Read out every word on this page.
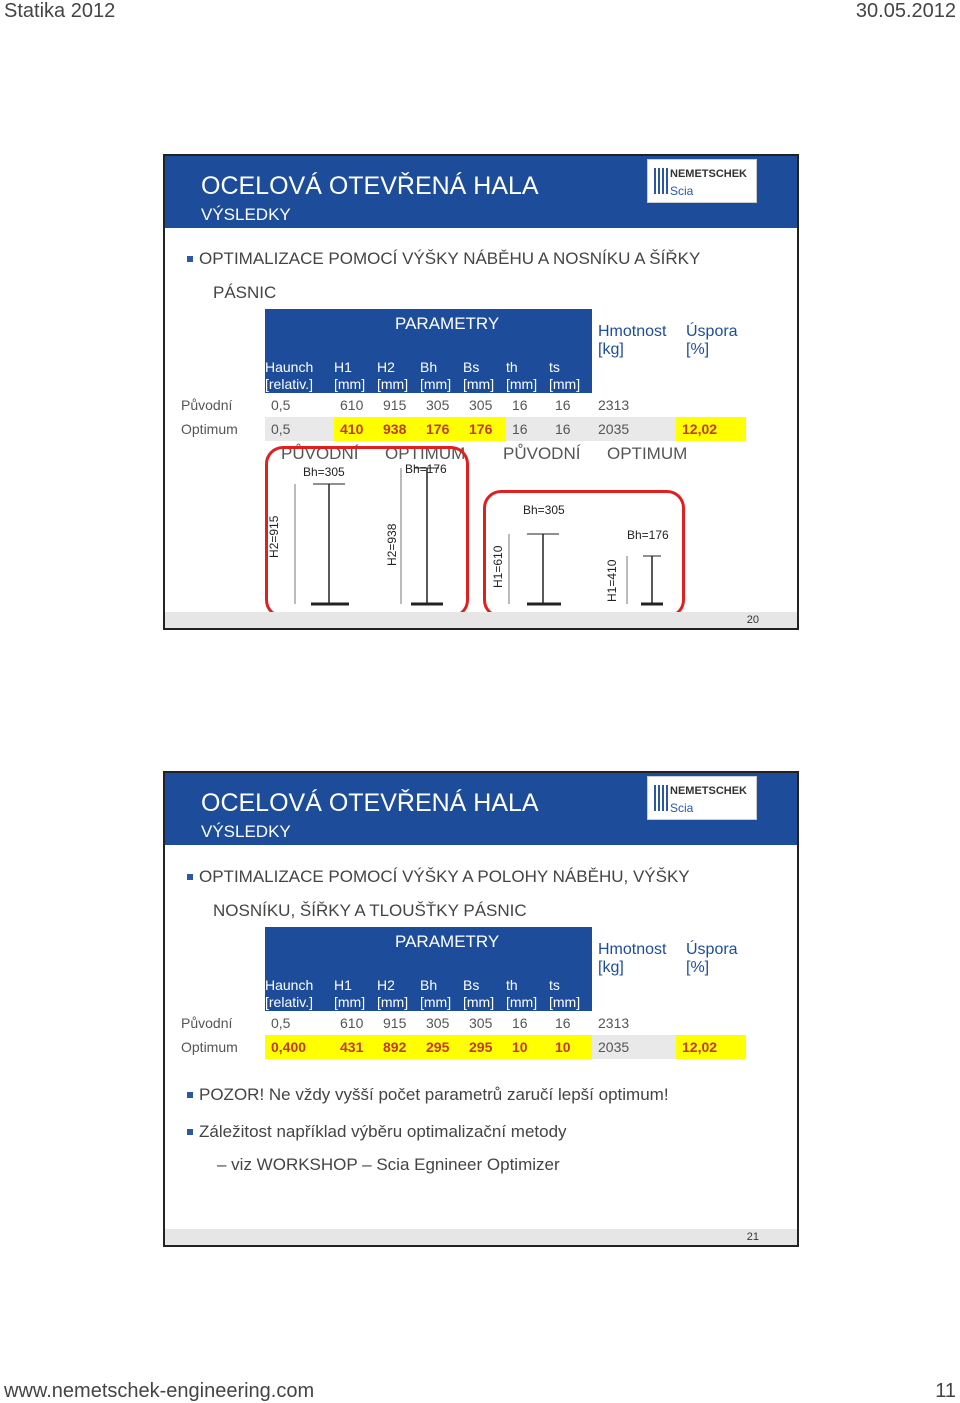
Statika 2012	30.05.2012
OCELOVÁ OTEVŘENÁ HALA
VÝSLEDKY
NEMETSCHEK
Scia
OPTIMALIZACE POMOCÍ VÝŠKY NÁBĚHU A NOSNÍKU A ŠÍŘKY
PÁSNIC
	Haunch [relativ.]	H1 [mm]	H2 [mm]	Bh [mm]	Bs [mm]	th [mm]	ts [mm]	Hmotnost [kg]	Úspora [%]
Původní	0,5	610	915	305	305	16	16	2313	
Optimum	0,5	410	938	176	176	16	16	2035	12,02
PARAMETRY
PŮVODNÍ OPTIMUM PŮVODNÍ OPTIMUM
Bh=305
H2=915
Bh=176
H2=938
Bh=305
H1=610
Bh=176
H1=410
20
OCELOVÁ OTEVŘENÁ HALA
VÝSLEDKY
NEMETSCHEK
Scia
OPTIMALIZACE POMOCÍ VÝŠKY A POLOHY NÁBĚHU, VÝŠKY
NOSNÍKU, ŠÍŘKY A TLOUŠŤKY PÁSNIC
	Haunch [relativ.]	H1 [mm]	H2 [mm]	Bh [mm]	Bs [mm]	th [mm]	ts [mm]	Hmotnost [kg]	Úspora [%]
Původní	0,5	610	915	305	305	16	16	2313	
Optimum	0,400	431	892	295	295	10	10	2035	12,02
PARAMETRY
POZOR! Ne vždy vyšší počet parametrů zaručí lepší optimum!
Záležitost například výběru optimalizační metody
– viz WORKSHOP – Scia Egnineer Optimizer
21
www.nemetschek-engineering.com	11
